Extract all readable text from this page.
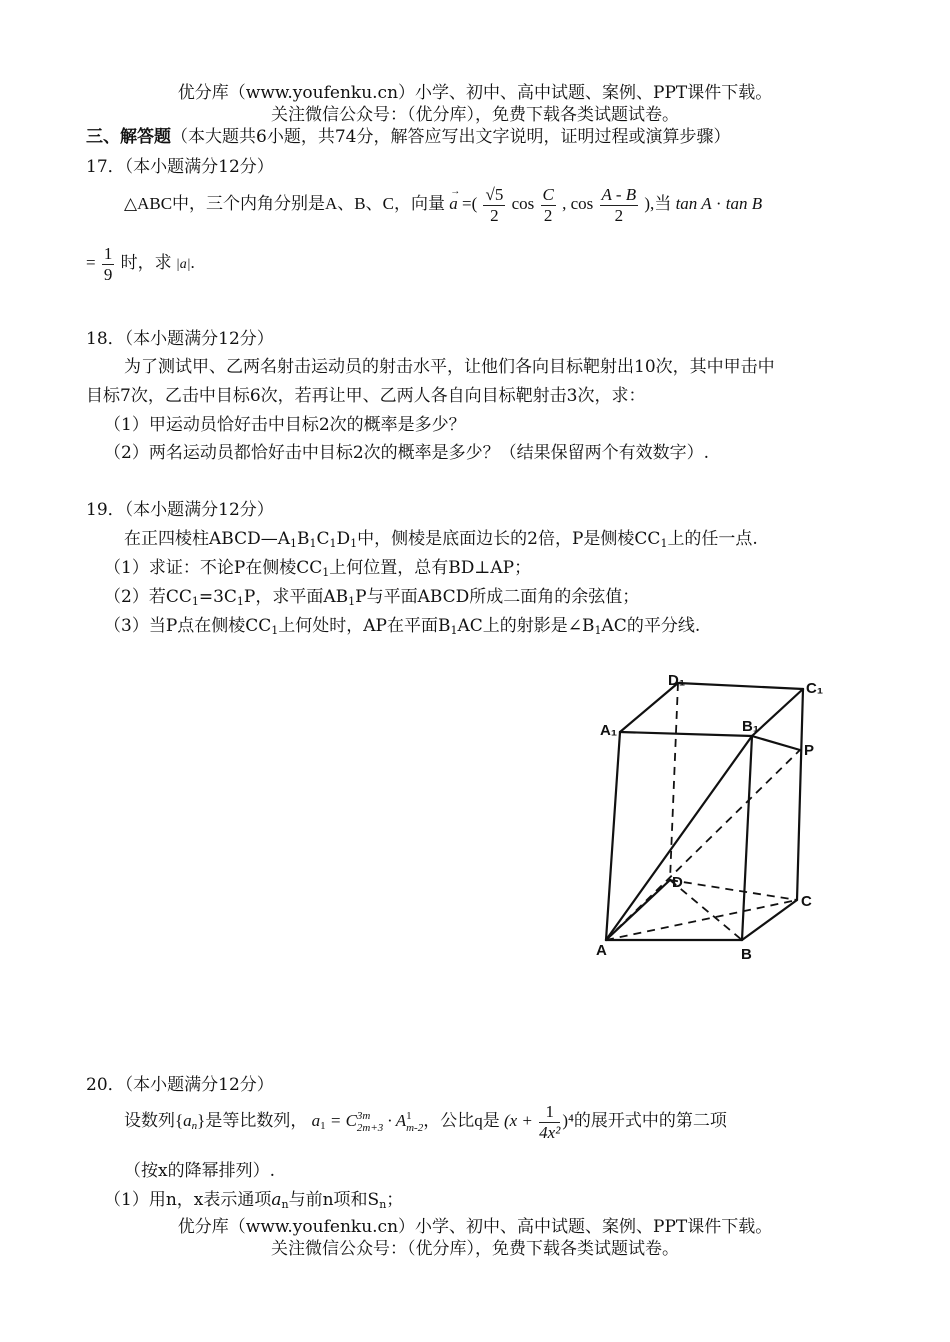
优分库（www.youfenku.cn）小学、初中、高中试题、案例、PPT课件下载。
关注微信公众号：（优分库），免费下载各类试题试卷。
三、解答题（本大题共6小题，共74分，解答应写出文字说明，证明过程或演算步骤）
17．（本小题满分12分）
△ABC中，三个内角分别是A、B、C，向量 → a =( $\frac{√5}{2}$ $\cos \frac{C}{2}$ , $\cos \frac{A - B}{2}$ ),当 tan A · tan B
= $\frac{1}{9}$ 时，求 |a|.
18．（本小题满分12分）
为了测试甲、乙两名射击运动员的射击水平，让他们各向目标靶射出10次，其中甲击中
目标7次，乙击中目标6次，若再让甲、乙两人各自向目标靶射击3次，求：
（1）甲运动员恰好击中目标2次的概率是多少？
（2）两名运动员都恰好击中目标2次的概率是多少？（结果保留两个有效数字）.
19．（本小题满分12分）
在正四棱柱$ABCD—A_1B_1C_1D_1$中，侧棱是底面边长的2倍，P是侧棱$CC_1$上的任一点.
（1）求证：不论P在侧棱$CC_1$上何位置，总有BD⊥AP；
（2）若$CC_1=3C_1P$，求平面$AB_1P$与平面ABCD所成二面角的余弦值；
（3）当P点在侧棱$CC_1$上何处时，AP在平面$B_1AC$上的射影是$\angle B_1AC$的平分线.
D₁	C₁
A₁	B₁
P
D
C
A	B
20．（本小题满分12分）
设数列$\{a_n\}$是等比数列， $a_1 = C$ 3m
2m+3 · A 1
m-2 ，公比q是 $(x + \frac{1}{\text{4x²}} )^4$的展开式中的第二项
（按x的降幂排列）.
（1）用n，x表示通项$a_n$与前n项和$S_n$；
优分库（www.youfenku.cn）小学、初中、高中试题、案例、PPT课件下载。
关注微信公众号：（优分库），免费下载各类试题试卷。
